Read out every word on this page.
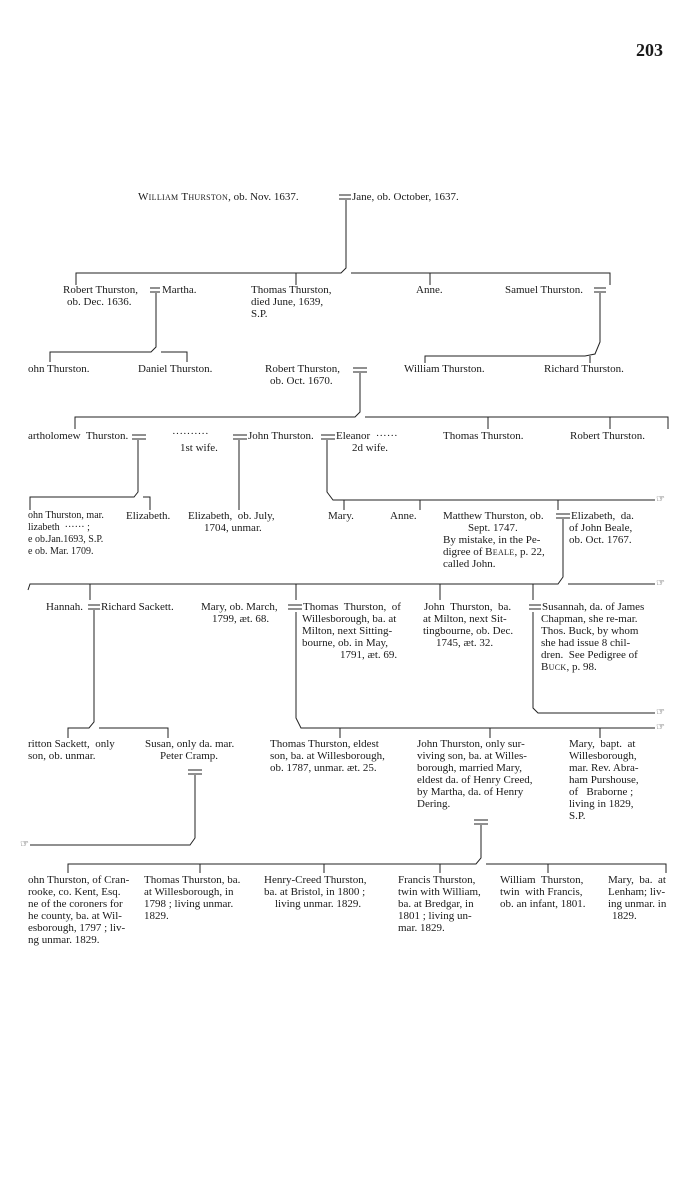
203
William Thurston, ob. Nov. 1637.	Jane, ob. October, 1637.
Robert Thurston,
ob. Dec. 1636.
Martha.	Thomas Thurston,
died June, 1639,
S.P.
Anne.	Samuel Thurston.
ohn Thurston.	Daniel Thurston.	Robert Thurston,
ob. Oct. 1670.
William Thurston.	Richard Thurston.
artholomew  Thurston.	··········
1st wife.
John Thurston. Eleanor  ······
2d wife.
Thomas Thurston.	Robert Thurston.
ohn Thurston, mar.
lizabeth  ······ ;
e ob.Jan.1693, S.P.
e ob. Mar. 1709.
Elizabeth. Elizabeth,  ob. July,
1704, unmar.
Mary.	Anne. Matthew Thurston, ob.
Sept. 1747.
By mistake, in the Pe-
digree of Beale, p. 22,
called John.
Elizabeth,  da.
of John Beale,
ob. Oct. 1767.
☞
☞
☞
☞
Hannah. Richard Sackett. Mary, ob. March,
1799, æt. 68.
Thomas  Thurston,  of
Willesborough, ba. at
Milton, next Sitting-
bourne, ob. in May,
1791, æt. 69.
John  Thurston,  ba.
at Milton, next Sit-
tingbourne, ob. Dec.
1745, æt. 32.
Susannah, da. of James
Chapman, she re-mar.
Thos. Buck, by whom
she had issue 8 chil-
dren.  See Pedigree of
Buck, p. 98.
ritton Sackett,  only
son, ob. unmar.
Susan, only da. mar.
Peter Cramp.
Thomas Thurston, eldest
son, ba. at Willesborough,
ob. 1787, unmar. æt. 25.
John Thurston, only sur-
viving son, ba. at Willes-
borough, married Mary,
eldest da. of Henry Creed,
by Martha, da. of Henry
Dering.
Mary,  bapt.  at
Willesborough,
mar. Rev. Abra-
ham Purshouse,
of   Braborne ;
living in 1829,
S.P.
☞
ohn Thurston, of Cran-
rooke, co. Kent, Esq.
ne of the coroners for
he county, ba. at Wil-
esborough, 1797 ; liv-
ng unmar. 1829.
Thomas Thurston, ba.
at Willesborough, in
1798 ; living unmar.
1829.
Henry-Creed Thurston,
ba. at Bristol, in 1800 ;
living unmar. 1829.
Francis Thurston,
twin with William,
ba. at Bredgar, in
1801 ; living un-
mar. 1829.
William  Thurston,
twin  with Francis,
ob. an infant, 1801.
Mary,  ba.  at
Lenham; liv-
ing unmar. in
1829.
